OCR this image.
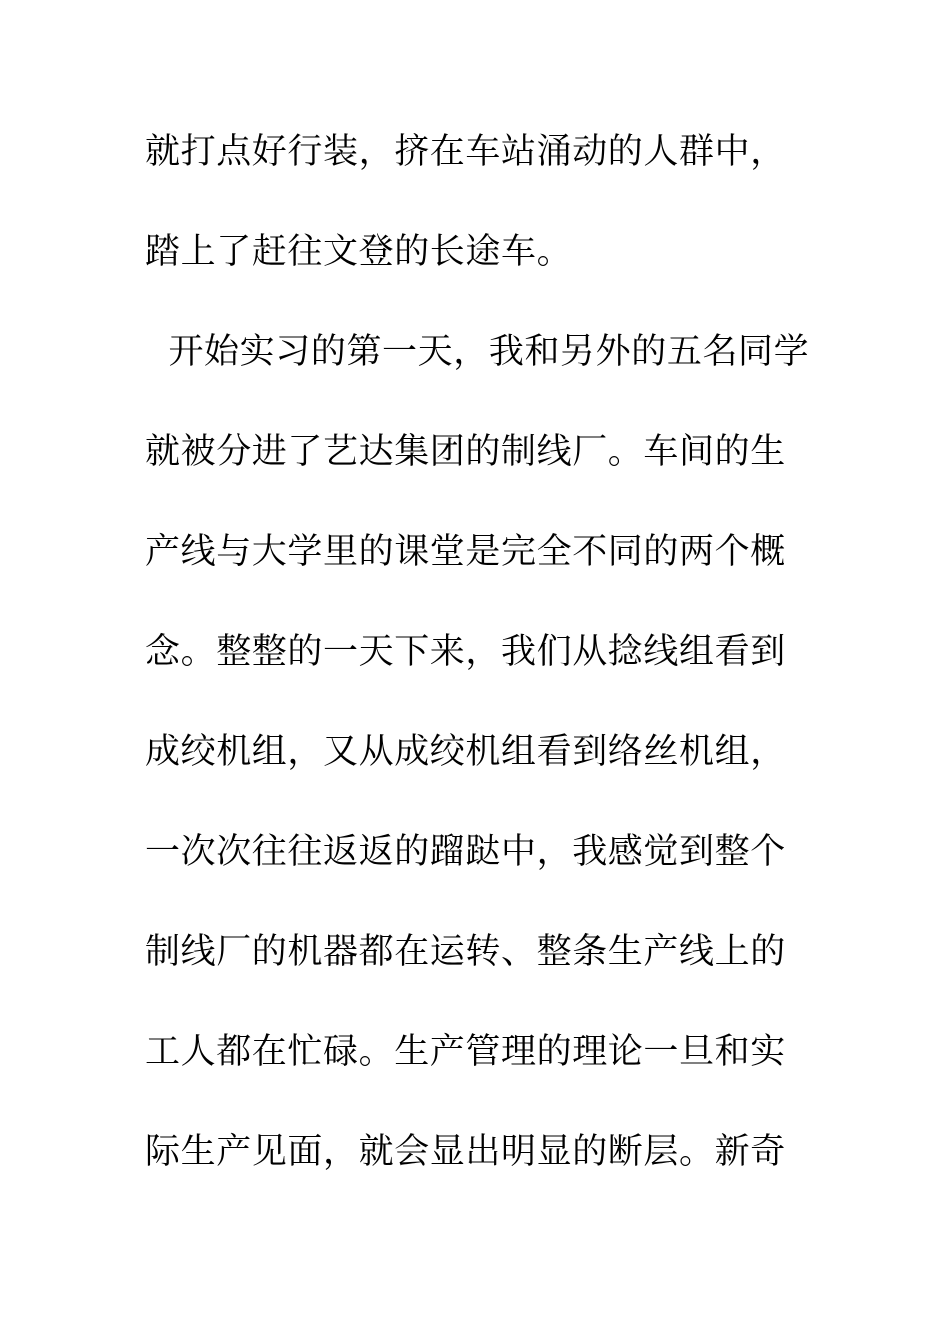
就打点好行装，挤在车站涌动的人群中，
踏上了赶往文登的长途车。
开始实习的第一天，我和另外的五名同学
就被分进了艺达集团的制线厂。车间的生
产线与大学里的课堂是完全不同的两个概
念。整整的一天下来，我们从捻线组看到
成绞机组，又从成绞机组看到络丝机组，
一次次往往返返的蹓跶中，我感觉到整个
制线厂的机器都在运转、整条生产线上的
工人都在忙碌。生产管理的理论一旦和实
际生产见面，就会显出明显的断层。新奇
